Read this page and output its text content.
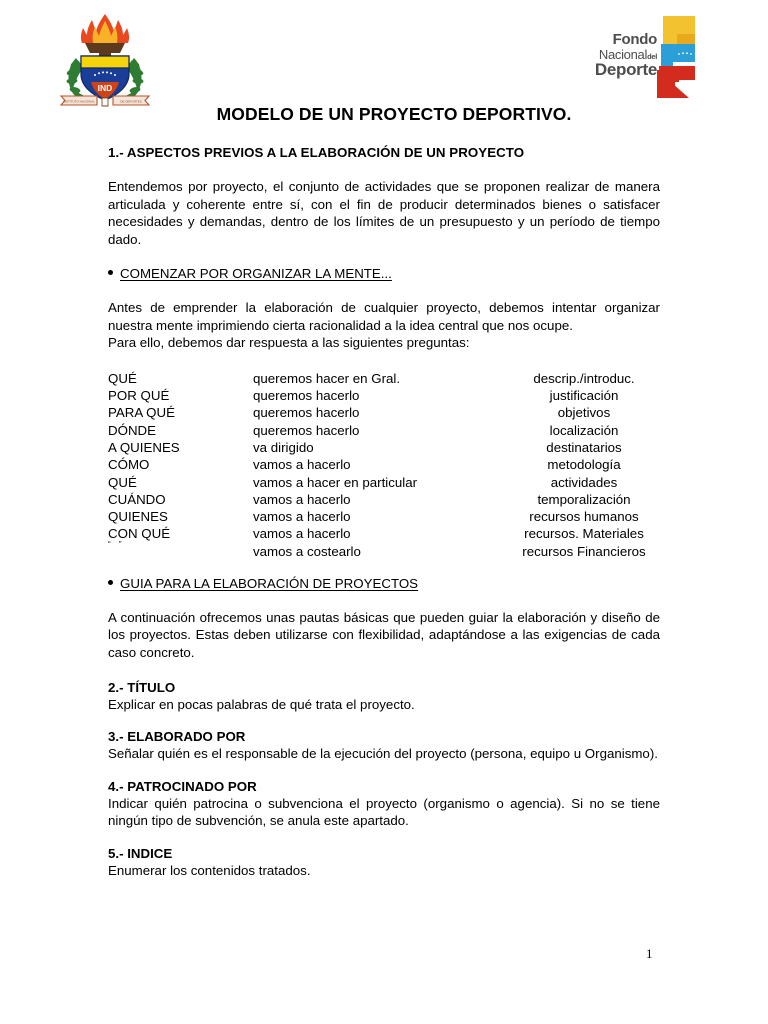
IND
INSTITUTO NACIONAL	DE DEPORTES
Fondo
Nacionaldel
Deporte
MODELO DE UN PROYECTO DEPORTIVO.
1.- ASPECTOS PREVIOS A LA ELABORACIÓN DE UN PROYECTO

Entendemos por proyecto, el conjunto de actividades que se proponen realizar de manera articulada y coherente entre sí, con el fin de producir determinados bienes o satisfacer necesidades y demandas, dentro de los límites de un presupuesto y un período de tiempo dado.

COMENZAR POR ORGANIZAR LA MENTE...

Antes de emprender la elaboración de cualquier proyecto, debemos intentar organizar nuestra mente imprimiendo cierta racionalidad a la idea central que nos ocupe.

Para ello, debemos dar respuesta a las siguientes preguntas:

QUÉ	queremos hacer en Gral.	descrip./introduc.
POR QUÉ	queremos hacerlo	justificación
PARA QUÉ	queremos hacerlo	objetivos
DÓNDE	queremos hacerlo	localización
A QUIENES	va dirigido	destinatarios
CÓMO	vamos a hacerlo	metodología
QUÉ	vamos a hacer en particular	actividades
CUÁNDO	vamos a hacerlo	temporalización
QUIENES	vamos a hacerlo	recursos humanos
CON QUÉ	vamos a hacerlo	recursos. Materiales
“ ”	vamos a costearlo	recursos Financieros
GUIA PARA LA ELABORACIÓN DE PROYECTOS

A continuación ofrecemos unas pautas básicas que pueden guiar la elaboración y diseño de los proyectos. Estas deben utilizarse con flexibilidad, adaptándose a las exigencias de cada caso concreto.

2.- TÍTULO

Explicar en pocas palabras de qué trata el proyecto.

3.- ELABORADO POR

Señalar quién es el responsable de la ejecución del proyecto (persona, equipo u Organismo).

4.- PATROCINADO POR

Indicar quién patrocina o subvenciona el proyecto (organismo o agencia). Si no se tiene ningún tipo de subvención, se anula este apartado.

5.- INDICE

Enumerar los contenidos tratados.

1
